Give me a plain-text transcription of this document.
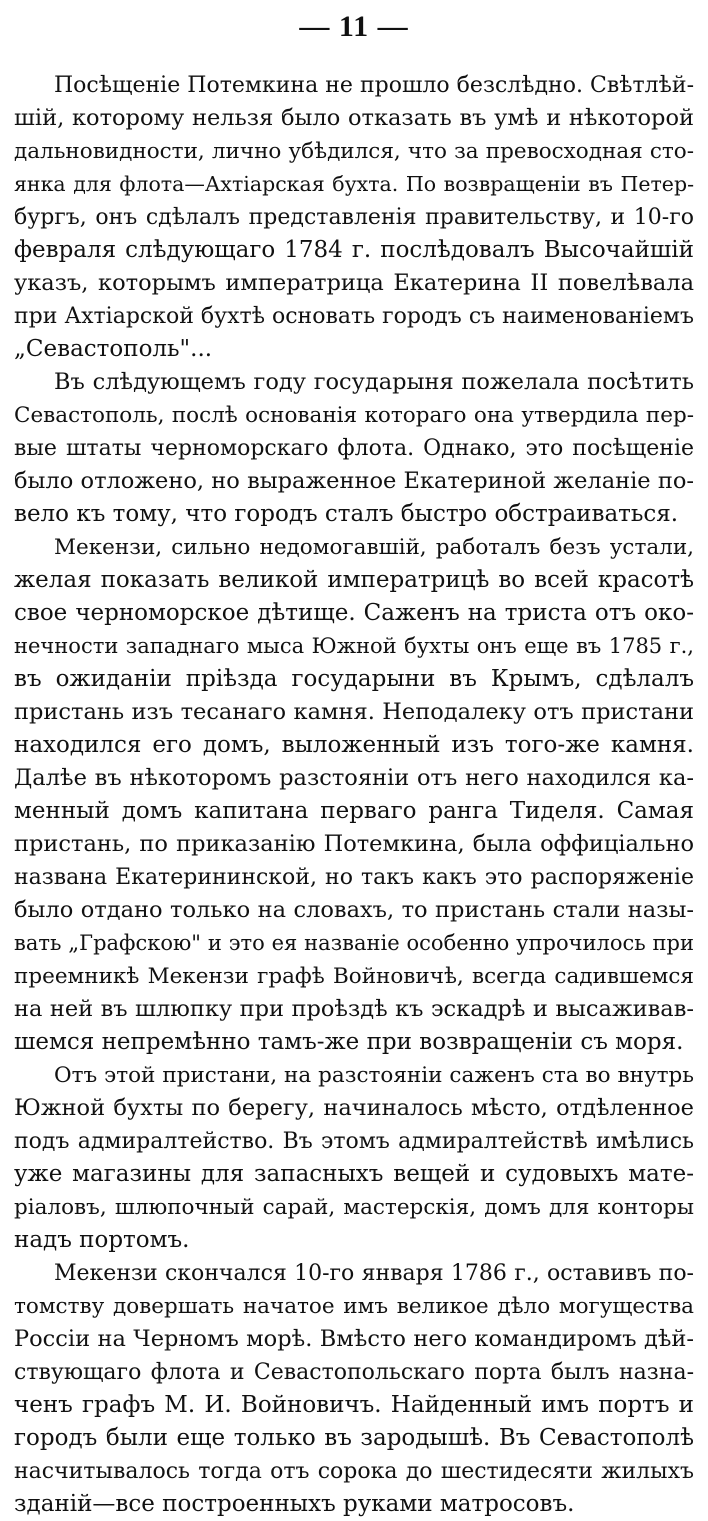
— 11 —
Посѣщеніе Потемкина не прошло безслѣдно. Свѣтлѣй-
шій, которому нельзя было отказать въ умѣ и нѣкоторой
дальновидности, лично убѣдился, что за превосходная сто-
янка для флота—Ахтіарская бухта. По возвращеніи въ Петер-
бургъ, онъ сдѣлалъ представленія правительству, и 10-го
февраля слѣдующаго 1784 г. послѣдовалъ Высочайшій
указъ, которымъ императрица Екатерина II повелѣвала
при Ахтіарской бухтѣ основать городъ съ наименованіемъ
„Севастополь"...
Въ слѣдующемъ году государыня пожелала посѣтить
Севастополь, послѣ основанія котораго она утвердила пер-
вые штаты черноморскаго флота. Однако, это посѣщеніе
было отложено, но выраженное Екатериной желаніе по-
вело къ тому, что городъ сталъ быстро обстраиваться.
Мекензи, сильно недомогавшій, работалъ безъ устали,
желая показать великой императрицѣ во всей красотѣ
свое черноморское дѣтище. Саженъ на триста отъ око-
нечности западнаго мыса Южной бухты онъ еще въ 1785 г.,
въ ожиданіи пріѣзда государыни въ Крымъ, сдѣлалъ
пристань изъ тесанаго камня. Неподалеку отъ пристани
находился его домъ, выложенный изъ того-же камня.
Далѣе въ нѣкоторомъ разстояніи отъ него находился ка-
менный домъ капитана перваго ранга Тиделя. Самая
пристань, по приказанію Потемкина, была оффиціально
названа Екатерининской, но такъ какъ это распоряженіе
было отдано только на словахъ, то пристань стали назы-
вать „Графскою" и это ея названіе особенно упрочилось при
преемникѣ Мекензи графѣ Войновичѣ, всегда садившемся
на ней въ шлюпку при проѣздѣ къ эскадрѣ и высаживав-
шемся непремѣнно тамъ-же при возвращеніи съ моря.
Отъ этой пристани, на разстояніи саженъ ста во внутрь
Южной бухты по берегу, начиналось мѣсто, отдѣленное
подъ адмиралтейство. Въ этомъ адмиралтействѣ имѣлись
уже магазины для запасныхъ вещей и судовыхъ мате-
ріаловъ, шлюпочный сарай, мастерскія, домъ для конторы
надъ портомъ.
Мекензи скончался 10-го января 1786 г., оставивъ по-
томству довершать начатое имъ великое дѣло могущества
Россіи на Черномъ морѣ. Вмѣсто него командиромъ дѣй-
ствующаго флота и Севастопольскаго порта былъ назна-
ченъ графъ М. И. Войновичъ. Найденный имъ портъ и
городъ были еще только въ зародышѣ. Въ Севастополѣ
насчитывалось тогда отъ сорока до шестидесяти жилыхъ
зданій—все построенныхъ руками матросовъ.
